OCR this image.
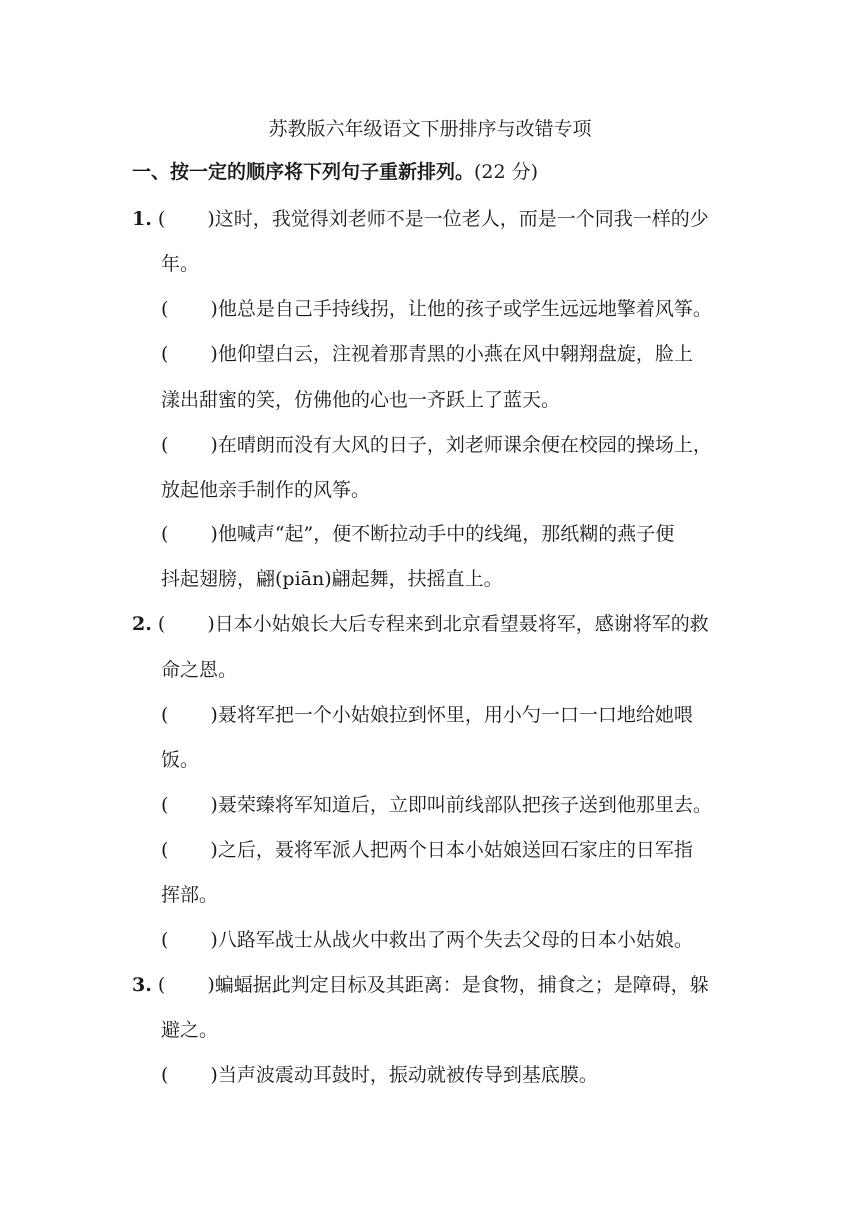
苏教版六年级语文下册排序与改错专项
一、按一定的顺序将下列句子重新排列。(22 分)
1. ( )这时，我觉得刘老师不是一位老人，而是一个同我一样的少
年。
( )他总是自己手持线拐，让他的孩子或学生远远地擎着风筝。
( )他仰望白云，注视着那青黑的小燕在风中翱翔盘旋，脸上
漾出甜蜜的笑，仿佛他的心也一齐跃上了蓝天。
( )在晴朗而没有大风的日子，刘老师课余便在校园的操场上，
放起他亲手制作的风筝。
( )他喊声“起”，便不断拉动手中的线绳，那纸糊的燕子便
抖起翅膀，翩(piān)翩起舞，扶摇直上。
2. ( )日本小姑娘长大后专程来到北京看望聂将军，感谢将军的救
命之恩。
( )聂将军把一个小姑娘拉到怀里，用小勺一口一口地给她喂
饭。
( )聂荣臻将军知道后，立即叫前线部队把孩子送到他那里去。
( )之后，聂将军派人把两个日本小姑娘送回石家庄的日军指
挥部。
( )八路军战士从战火中救出了两个失去父母的日本小姑娘。
3. ( )蝙蝠据此判定目标及其距离：是食物，捕食之；是障碍，躲
避之。
( )当声波震动耳鼓时，振动就被传导到基底膜。
